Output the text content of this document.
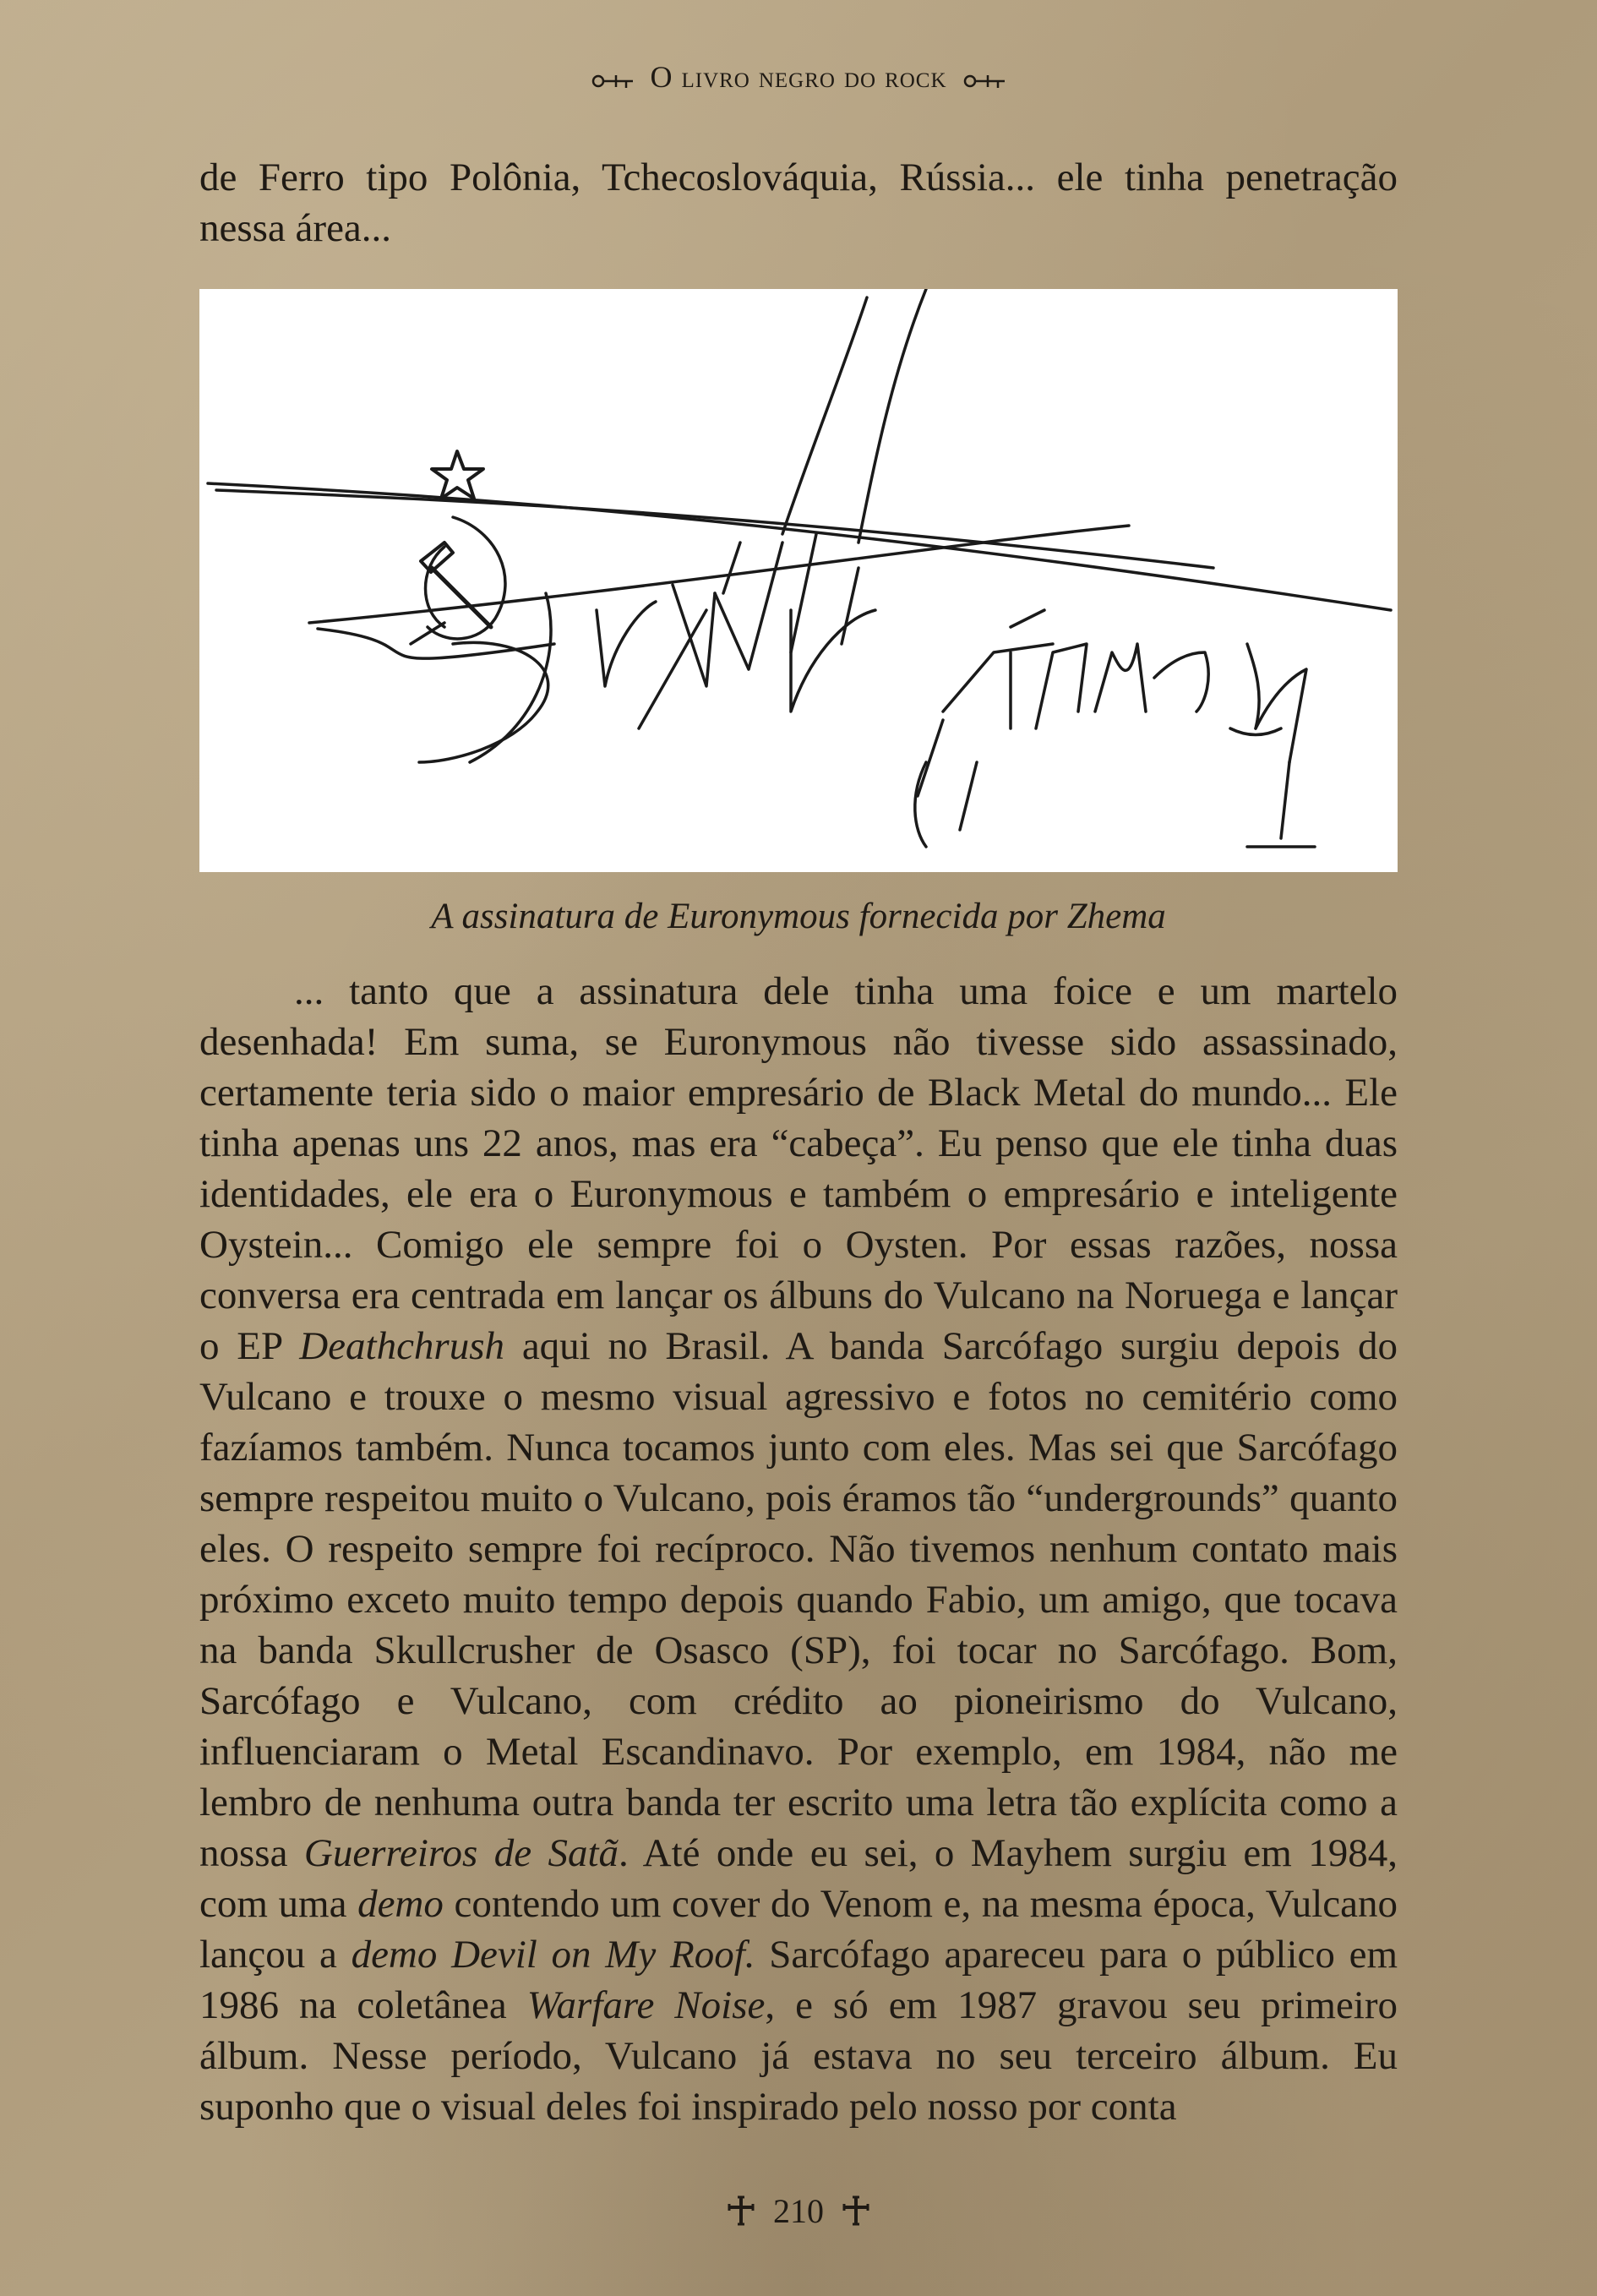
O livro negro do rock
de Ferro tipo Polônia, Tchecoslováquia, Rússia... ele tinha penetração nessa área...
A assinatura de Euronymous fornecida por Zhema
... tanto que a assinatura dele tinha uma foice e um martelo desenhada! Em suma, se Euronymous não tivesse sido assassinado, certamente teria sido o maior empresário de Black Metal do mundo... Ele tinha apenas uns 22 anos, mas era “cabeça”. Eu penso que ele tinha duas identidades, ele era o Euronymous e também o empresário e inteligente Oystein... Comigo ele sempre foi o Oysten. Por essas razões, nossa conversa era centrada em lançar os álbuns do Vulcano na Noruega e lançar o EP Deathchrush aqui no Brasil. A banda Sarcófago surgiu depois do Vulcano e trouxe o mesmo visual agressivo e fotos no cemitério como fazíamos também. Nunca tocamos junto com eles. Mas sei que Sarcófago sempre respeitou muito o Vulcano, pois éramos tão “undergrounds” quanto eles. O respeito sempre foi recíproco. Não tivemos nenhum contato mais próximo exceto muito tempo depois quando Fabio, um amigo, que tocava na banda Skullcrusher de Osasco (SP), foi tocar no Sarcófago. Bom, Sarcófago e Vulcano, com crédito ao pioneirismo do Vulcano, influenciaram o Metal Escandinavo. Por exemplo, em 1984, não me lembro de nenhuma outra banda ter escrito uma letra tão explícita como a nossa Guerreiros de Satã. Até onde eu sei, o Mayhem surgiu em 1984, com uma demo contendo um cover do Venom e, na mesma época, Vulcano lançou a demo Devil on My Roof. Sarcófago apareceu para o público em 1986 na coletânea Warfare Noise, e só em 1987 gravou seu primeiro álbum. Nesse período, Vulcano já estava no seu terceiro álbum. Eu suponho que o visual deles foi inspirado pelo nosso por conta
210
